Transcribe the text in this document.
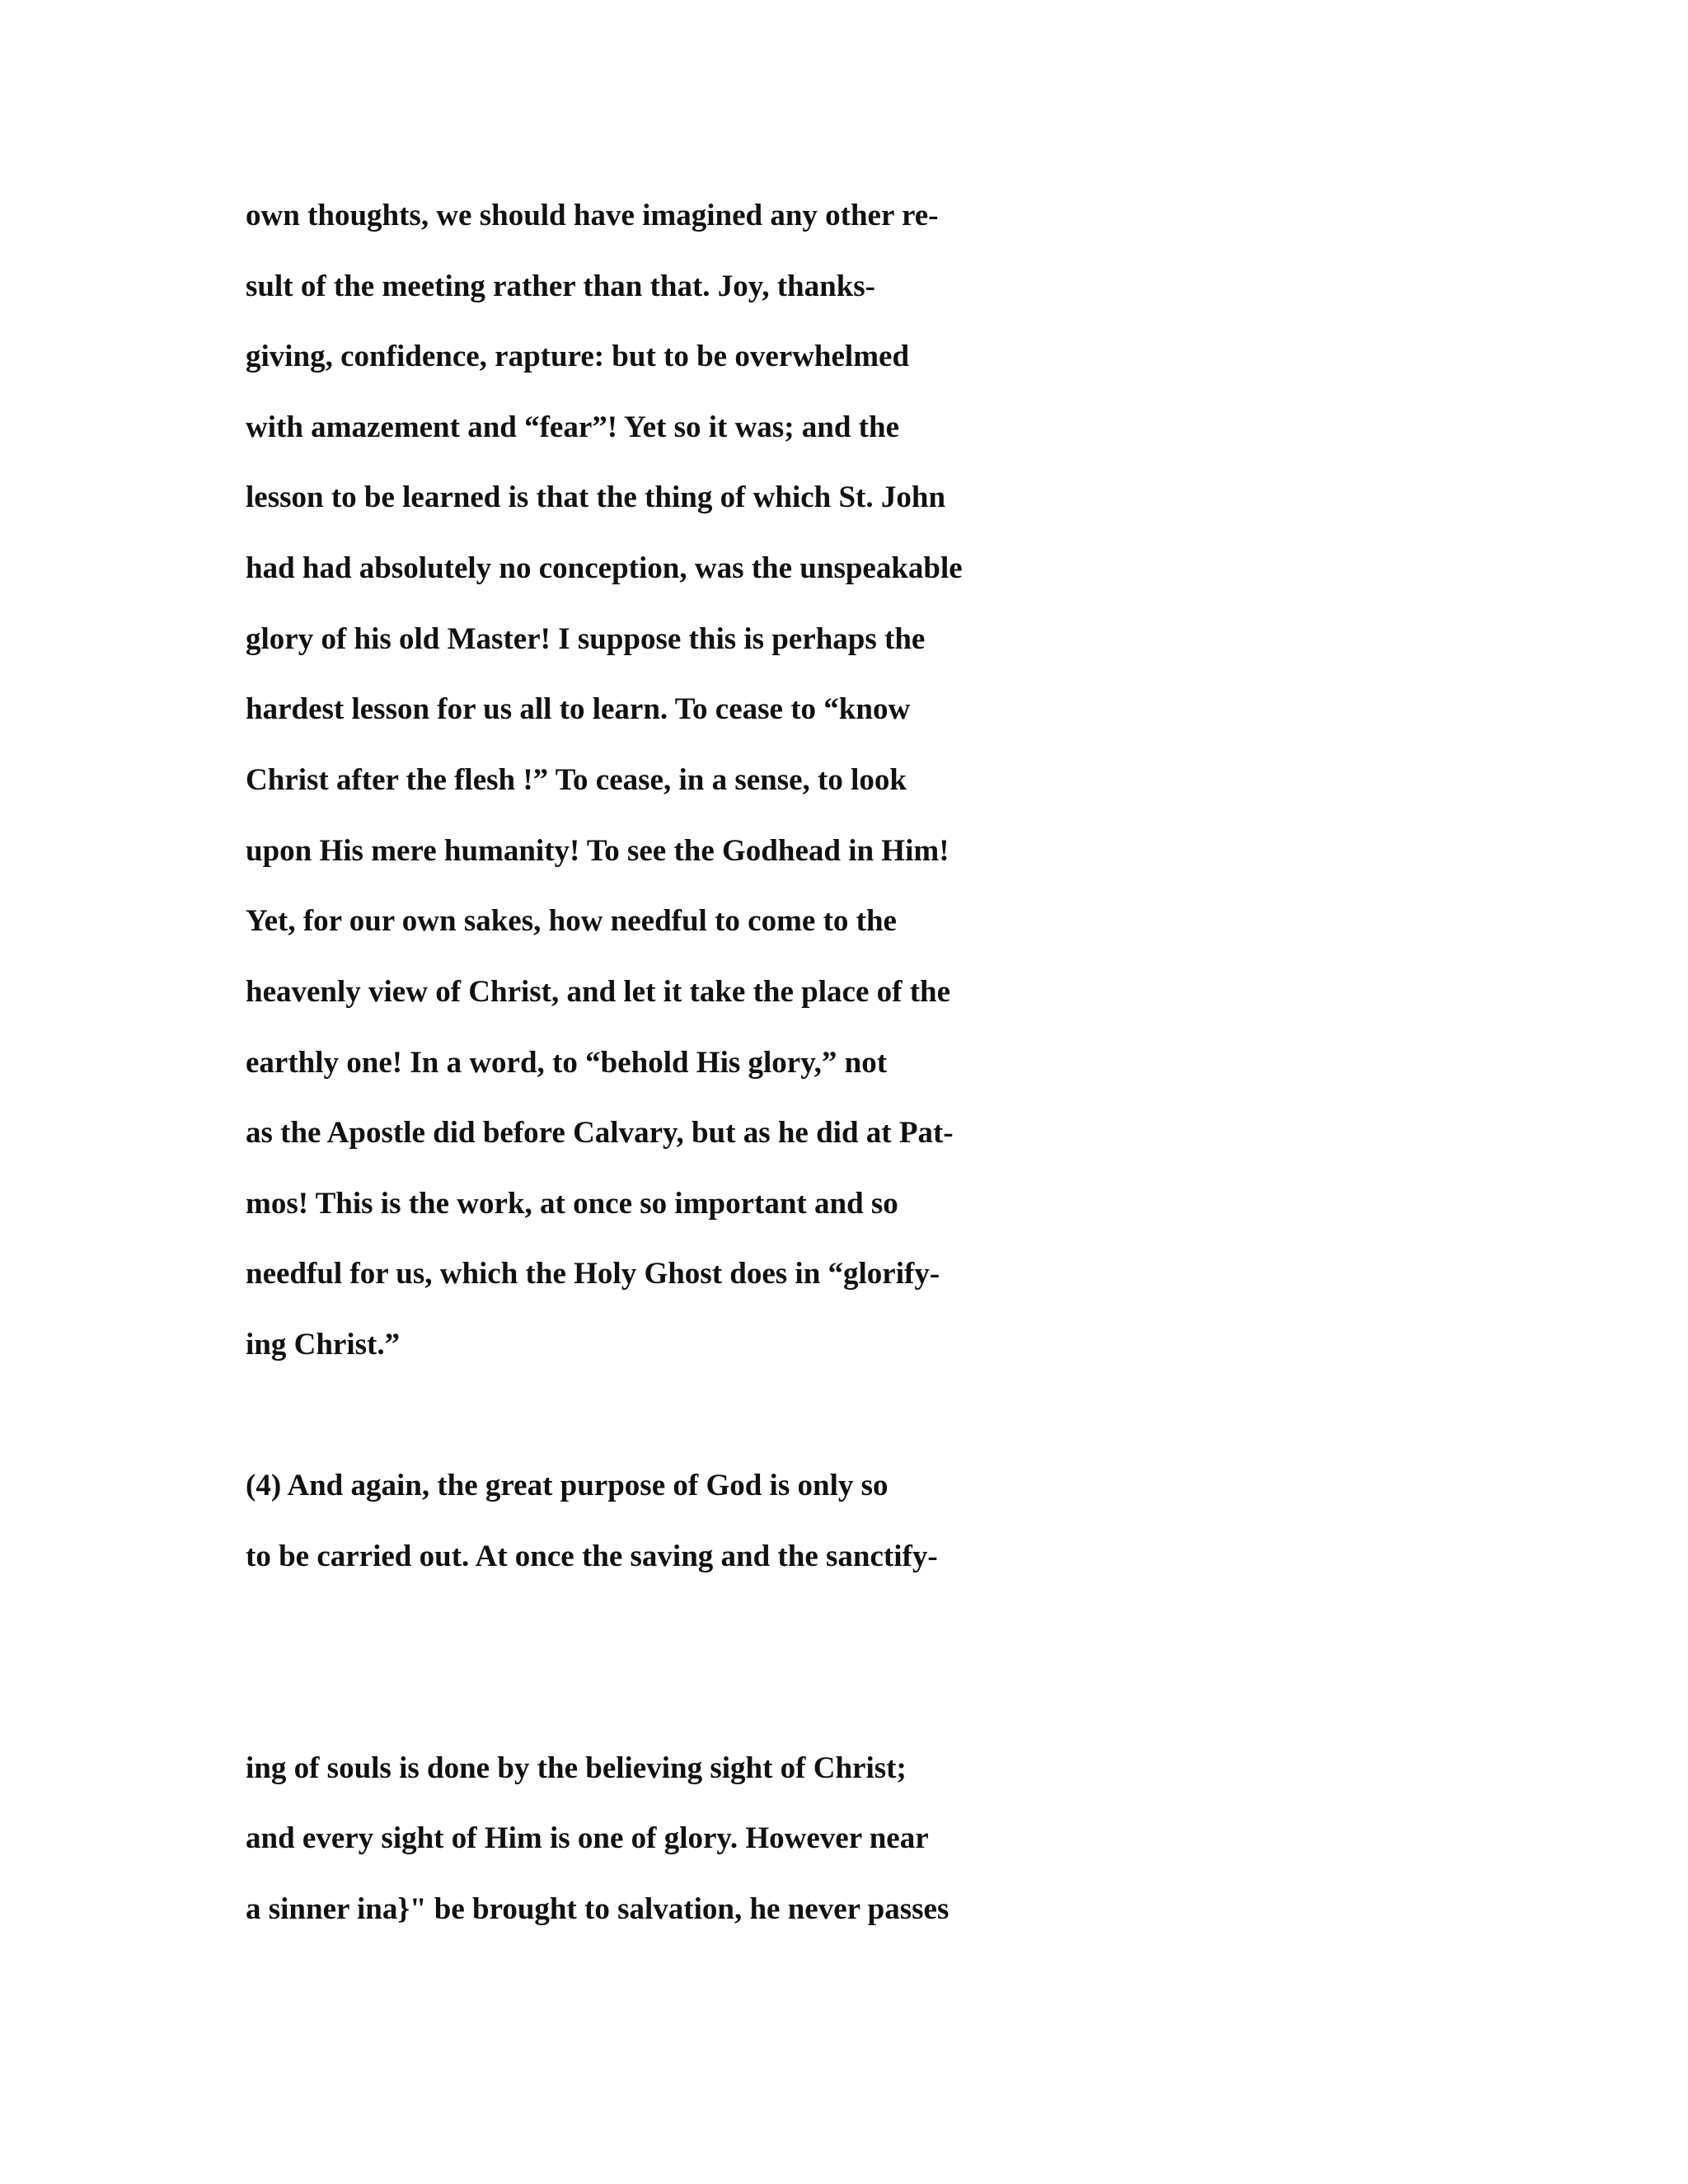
own thoughts, we should have imagined any other re-

sult of the meeting rather than that. Joy, thanks-

giving, confidence, rapture: but to be overwhelmed

with amazement and “fear”! Yet so it was; and the

lesson to be learned is that the thing of which St. John

had had absolutely no conception, was the unspeakable

glory of his old Master! I suppose this is perhaps the

hardest lesson for us all to learn. To cease to “know

Christ after the flesh !” To cease, in a sense, to look

upon His mere humanity! To see the Godhead in Him!

Yet, for our own sakes, how needful to come to the

heavenly view of Christ, and let it take the place of the

earthly one! In a word, to “behold His glory,” not

as the Apostle did before Calvary, but as he did at Pat-

mos! This is the work, at once so important and so

needful for us, which the Holy Ghost does in “glorify-

ing Christ.”

(4) And again, the great purpose of God is only so

to be carried out. At once the saving and the sanctify-

ing of souls is done by the believing sight of Christ;

and every sight of Him is one of glory. However near

a sinner ina}" be brought to salvation, he never passes
